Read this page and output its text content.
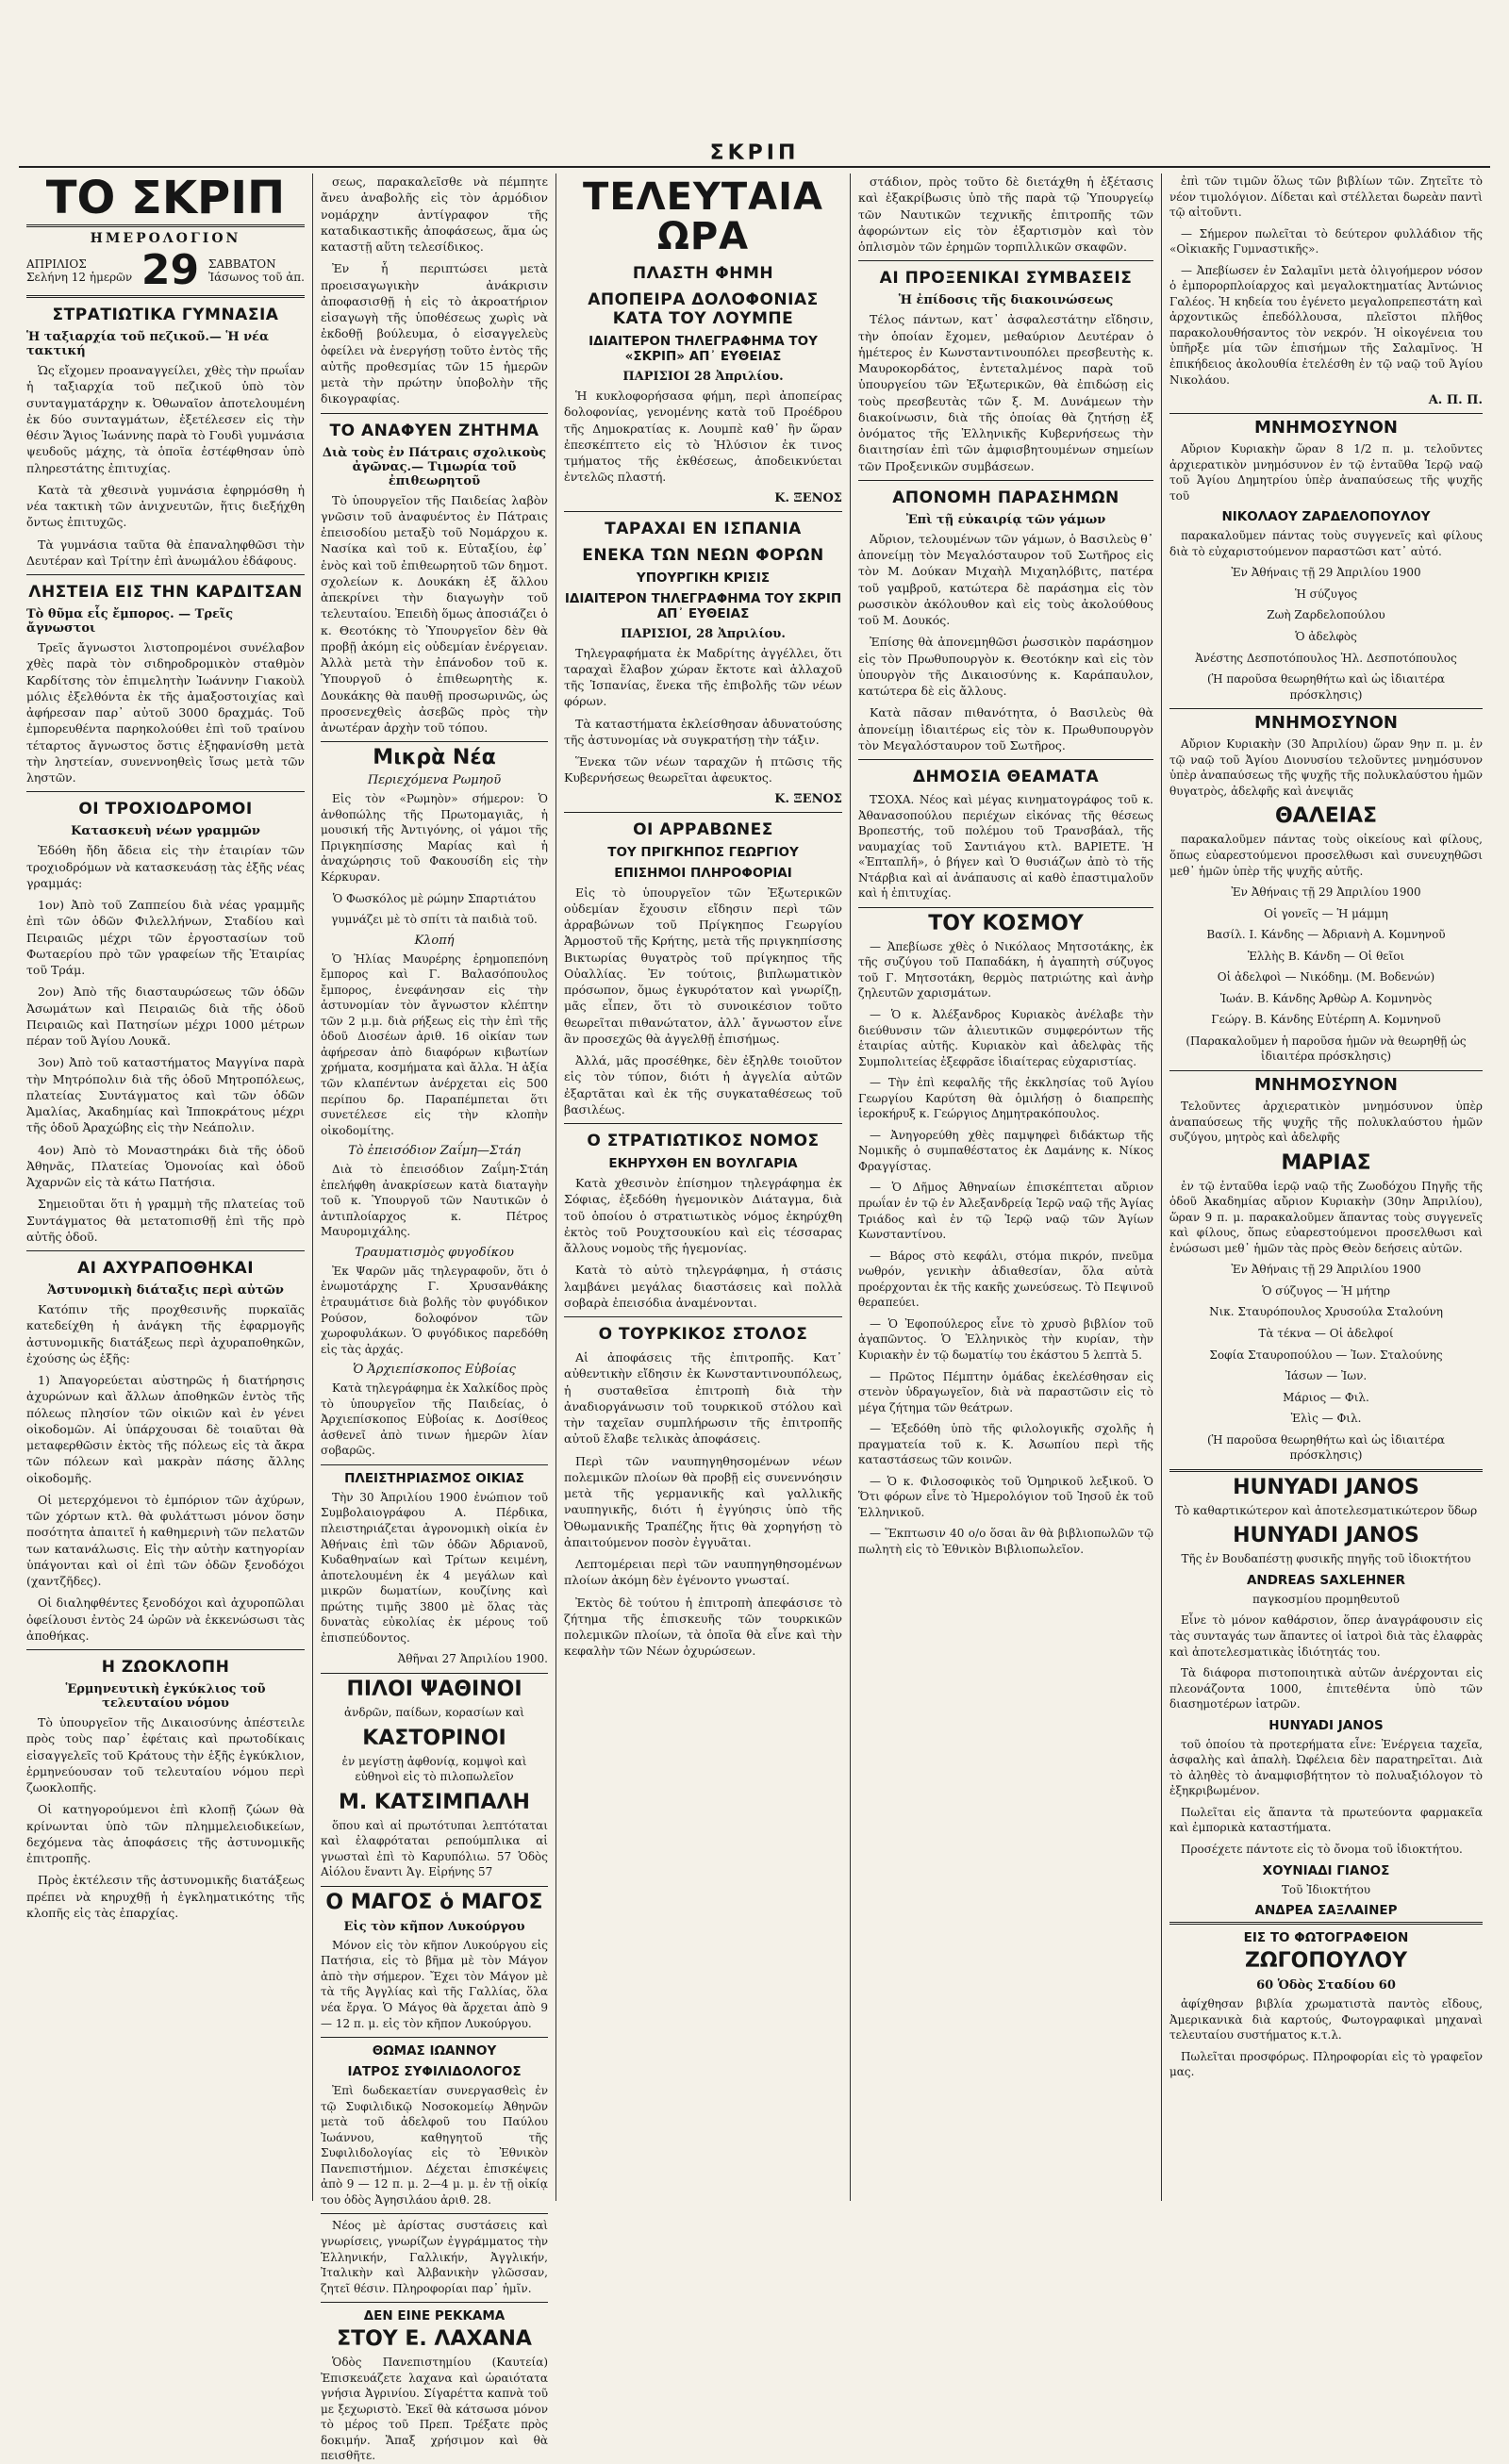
ΣΚΡΙΠ
ΤΟ ΣΚΡΙΠ
ΗΜΕΡΟΛΟΓΙΟΝ
ΑΠΡΙΛΙΟΣ
Σελήνη 12 ἡμερῶν 29 ΣΑΒΒΑΤΟΝ
Ἰάσωνος τοῦ ἀπ.
ΣΤΡΑΤΙΩΤΙΚΑ ΓΥΜΝΑΣΙΑ
Ἡ ταξιαρχία τοῦ πεζικοῦ.— Ἡ νέα τακτική

Ὡς εἴχομεν προαναγγείλει, χθὲς τὴν πρωΐαν ἡ ταξιαρχία τοῦ πεζικοῦ ὑπὸ τὸν συνταγματάρχην κ. Ὀθωναῖον ἀποτελουμένη ἐκ δύο συνταγμάτων, ἐξετέλεσεν εἰς τὴν θέσιν Ἅγιος Ἰωάννης παρὰ τὸ Γουδὶ γυμνάσια ψευδοῦς μάχης, τὰ ὁποῖα ἐστέφθησαν ὑπὸ πληρεστάτης ἐπιτυχίας.

Κατὰ τὰ χθεσινὰ γυμνάσια ἐφηρμόσθη ἡ νέα τακτικὴ τῶν ἀνιχνευτῶν, ἥτις διεξήχθη ὄντως ἐπιτυχῶς.

Τὰ γυμνάσια ταῦτα θὰ ἐπαναληφθῶσι τὴν Δευτέραν καὶ Τρίτην ἐπὶ ἀνωμάλου ἐδάφους.

ΛΗΣΤΕΙΑ ΕΙΣ ΤΗΝ ΚΑΡΔΙΤΣΑΝ
Τὸ θῦμα εἷς ἔμπορος. — Τρεῖς ἄγνωστοι

Τρεῖς ἄγνωστοι λιστοπρομένοι συνέλαβον χθὲς παρὰ τὸν σιδηροδρομικὸν σταθμὸν Καρδίτσης τὸν ἐπιμελητὴν Ἰωάννην Γιακοὺλ μόλις ἐξελθόντα ἐκ τῆς ἀμαξοστοιχίας καὶ ἀφήρεσαν παρ᾽ αὐτοῦ 3000 δραχμάς. Τοῦ ἐμπορευθέντα παρηκολούθει ἐπὶ τοῦ τραίνου τέταρτος ἄγνωστος ὅστις ἐξηφανίσθη μετὰ τὴν ληστείαν, συνεννοηθεὶς ἴσως μετὰ τῶν ληστῶν.

ΟΙ ΤΡΟΧΙΟΔΡΟΜΟΙ
Κατασκευὴ νέων γραμμῶν

Ἐδόθη ἤδη ἄδεια εἰς τὴν ἑταιρίαν τῶν τροχιοδρόμων νὰ κατασκευάσῃ τὰς ἑξῆς νέας γραμμάς:

1ον) Ἀπὸ τοῦ Ζαππείου διὰ νέας γραμμῆς ἐπὶ τῶν ὁδῶν Φιλελλήνων, Σταδίου καὶ Πειραιῶς μέχρι τῶν ἐργοστασίων τοῦ Φωταερίου πρὸ τῶν γραφείων τῆς Ἑταιρίας τοῦ Τράμ.

2ον) Ἀπὸ τῆς διασταυρώσεως τῶν ὁδῶν Ἀσωμάτων καὶ Πειραιῶς διὰ τῆς ὁδοῦ Πειραιῶς καὶ Πατησίων μέχρι 1000 μέτρων πέραν τοῦ Ἀγίου Λουκᾶ.

3ον) Ἀπὸ τοῦ καταστήματος Μαγγίνα παρὰ τὴν Μητρόπολιν διὰ τῆς ὁδοῦ Μητροπόλεως, πλατείας Συντάγματος καὶ τῶν ὁδῶν Ἀμαλίας, Ἀκαδημίας καὶ Ἱπποκράτους μέχρι τῆς ὁδοῦ Ἀραχώβης εἰς τὴν Νεάπολιν.

4ον) Ἀπὸ τὸ Μοναστηράκι διὰ τῆς ὁδοῦ Ἀθηνᾶς, Πλατείας Ὁμονοίας καὶ ὁδοῦ Ἀχαρνῶν εἰς τὰ κάτω Πατήσια.

Σημειοῦται ὅτι ἡ γραμμὴ τῆς πλατείας τοῦ Συντάγματος θὰ μετατοπισθῇ ἐπὶ τῆς πρὸ αὐτῆς ὁδοῦ.

ΑΙ ΑΧΥΡΑΠΟΘΗΚΑΙ
Ἀστυνομικὴ διάταξις περὶ αὐτῶν

Κατόπιν τῆς προχθεσινῆς πυρκαϊᾶς κατεδείχθη ἡ ἀνάγκη τῆς ἐφαρμογῆς ἀστυνομικῆς διατάξεως περὶ ἀχυραποθηκῶν, ἐχούσης ὡς ἑξῆς:

1) Ἀπαγορεύεται αὐστηρῶς ἡ διατήρησις ἀχυρώνων καὶ ἄλλων ἀποθηκῶν ἐντὸς τῆς πόλεως πλησίον τῶν οἰκιῶν καὶ ἐν γένει οἰκοδομῶν. Αἱ ὑπάρχουσαι δὲ τοιαῦται θὰ μεταφερθῶσιν ἐκτὸς τῆς πόλεως εἰς τὰ ἄκρα τῶν πόλεων καὶ μακρὰν πάσης ἄλλης οἰκοδομῆς.

Οἱ μετερχόμενοι τὸ ἐμπόριον τῶν ἀχύρων, τῶν χόρτων κτλ. θὰ φυλάττωσι μόνον ὅσην ποσότητα ἀπαιτεῖ ἡ καθημερινὴ τῶν πελατῶν των κατανάλωσις. Εἰς τὴν αὐτὴν κατηγορίαν ὑπάγονται καὶ οἱ ἐπὶ τῶν ὁδῶν ξενοδόχοι (χαντζῆδες).

Οἱ διαληφθέντες ξενοδόχοι καὶ ἀχυροπῶλαι ὀφείλουσι ἐντὸς 24 ὡρῶν νὰ ἐκκενώσωσι τὰς ἀποθήκας.

Η ΖΩΟΚΛΟΠΗ
Ἑρμηνευτικὴ ἐγκύκλιος τοῦ τελευταίου νόμου

Τὸ ὑπουργεῖον τῆς Δικαιοσύνης ἀπέστειλε πρὸς τοὺς παρ᾽ ἐφέταις καὶ πρωτοδίκαις εἰσαγγελεῖς τοῦ Κράτους τὴν ἑξῆς ἐγκύκλιον, ἑρμηνεύουσαν τοῦ τελευταίου νόμου περὶ ζωοκλοπῆς.

Οἱ κατηγορούμενοι ἐπὶ κλοπῇ ζώων θὰ κρίνωνται ὑπὸ τῶν πλημμελειοδικείων, δεχόμενα τὰς ἀποφάσεις τῆς ἀστυνομικῆς ἐπιτροπῆς.

Πρὸς ἐκτέλεσιν τῆς ἀστυνομικῆς διατάξεως πρέπει νὰ κηρυχθῇ ἡ ἐγκληματικότης τῆς κλοπῆς εἰς τὰς ἐπαρχίας.

σεως, παρακαλεῖσθε νὰ πέμπητε ἄνευ ἀναβολῆς εἰς τὸν ἁρμόδιον νομάρχην ἀντίγραφον τῆς καταδικαστικῆς ἀποφάσεως, ἅμα ὡς καταστῇ αὕτη τελεσίδικος.

Ἐν ἧ περιπτώσει μετὰ προεισαγωγικὴν ἀνάκρισιν ἀποφασισθῇ ἡ εἰς τὸ ἀκροατήριον εἰσαγωγὴ τῆς ὑποθέσεως χωρὶς νὰ ἐκδοθῇ βούλευμα, ὁ εἰσαγγελεὺς ὀφείλει νὰ ἐνεργήσῃ τοῦτο ἐντὸς τῆς αὐτῆς προθεσμίας τῶν 15 ἡμερῶν μετὰ τὴν πρώτην ὑποβολὴν τῆς δικογραφίας.

ΤΟ ΑΝΑΦΥΕΝ ΖΗΤΗΜΑ
Διὰ τοὺς ἐν Πάτραις σχολικοὺς ἀγῶνας.— Τιμωρία τοῦ ἐπιθεωρητοῦ

Τὸ ὑπουργεῖον τῆς Παιδείας λαβὸν γνῶσιν τοῦ ἀναφυέντος ἐν Πάτραις ἐπεισοδίου μεταξὺ τοῦ Νομάρχου κ. Νασίκα καὶ τοῦ κ. Εὐταξίου, ἐφ᾽ ἑνὸς καὶ τοῦ ἐπιθεωρητοῦ τῶν δημοτ. σχολείων κ. Δουκάκη ἐξ ἄλλου ἀπεκρίνει τὴν διαγωγὴν τοῦ τελευταίου. Ἐπειδὴ ὅμως ἀποσιάζει ὁ κ. Θεοτόκης τὸ Ὑπουργεῖον δὲν θὰ προβῇ ἀκόμη εἰς οὐδεμίαν ἐνέργειαν. Ἀλλὰ μετὰ τὴν ἐπάνοδον τοῦ κ. Ὑπουργοῦ ὁ ἐπιθεωρητὴς κ. Δουκάκης θὰ παυθῇ προσωρινῶς, ὡς προσενεχθεὶς ἀσεβῶς πρὸς τὴν ἀνωτέραν ἀρχὴν τοῦ τόπου.

Μικρὰ Νέα
Περιεχόμενα Ρωμηοῦ

Εἰς τὸν «Ρωμηὸν» σήμερον: Ὁ ἀνθοπώλης τῆς Πρωτομαγιᾶς, ἡ μουσική τῆς Ἀντιγόνης, οἱ γάμοι τῆς Πριγκηπίσσης Μαρίας καὶ ἡ ἀναχώρησις τοῦ Φακουσίδη εἰς τὴν Κέρκυραν.

Ὁ Φωσκόλος μὲ ρώμην Σπαρτιάτου

γυμνάζει μὲ τὸ σπίτι τὰ παιδιὰ τοῦ.

Κλοπή

Ὁ Ἠλίας Μαυρέρης ἐρημοπεπόνη ἔμπορος καὶ Γ. Βαλασόπουλος ἔμπορος, ἐνεφάνησαν εἰς τὴν ἀστυνομίαν τὸν ἄγνωστον κλέπτην τῶν 2 μ.μ. διὰ ρήξεως εἰς τὴν ἐπὶ τῆς ὁδοῦ Διοσέων ἀριθ. 16 οἰκίαν των ἀφήρεσαν ἀπὸ διαφόρων κιβωτίων χρήματα, κοσμήματα καὶ ἄλλα. Ἡ ἀξία τῶν κλαπέντων ἀνέρχεται εἰς 500 περίπου δρ. Παραπέμπεται ὅτι συνετέλεσε εἰς τὴν κλοπὴν οἰκοδομίτης.

Τὸ ἐπεισόδιον Ζαΐμη—Στάη

Διὰ τὸ ἐπεισόδιον Ζαΐμη-Στάη ἐπελήφθη ἀνακρίσεων κατὰ διαταγὴν τοῦ κ. Ὑπουργοῦ τῶν Ναυτικῶν ὁ ἀντιπλοίαρχος κ. Πέτρος Μαυρομιχάλης.

Τραυματισμὸς φυγοδίκου

Ἐκ Ψαρῶν μᾶς τηλεγραφοῦν, ὅτι ὁ ἐνωμοτάρχης Γ. Χρυσανθάκης ἐτραυμάτισε διὰ βολῆς τὸν φυγόδικον Ρούσον, δολοφόνον τῶν χωροφυλάκων. Ὁ φυγόδικος παρεδόθη εἰς τὰς ἀρχάς.

Ὁ Ἀρχιεπίσκοπος Εὐβοίας

Κατὰ τηλεγράφημα ἐκ Χαλκίδος πρὸς τὸ ὑπουργεῖον τῆς Παιδείας, ὁ Ἀρχιεπίσκοπος Εὐβοίας κ. Δοσίθεος ἀσθενεῖ ἀπὸ τινων ἡμερῶν λίαν σοβαρῶς.

ΠΛΕΙΣΤΗΡΙΑΣΜΟΣ ΟΙΚΙΑΣ

Τὴν 30 Ἀπριλίου 1900 ἐνώπιον τοῦ Συμβολαιογράφου Α. Πέρδικα, πλειστηριάζεται ἀγρονομικὴ οἰκία ἐν Ἀθήναις ἐπὶ τῶν ὁδῶν Ἀδριανοῦ, Κυδαθηναίων καὶ Τρίτων κειμένη, ἀποτελουμένη ἐκ 4 μεγάλων καὶ μικρῶν δωματίων, κουζίνης καὶ πρώτης τιμῆς 3800 μὲ ὅλας τὰς δυνατὰς εὐκολίας ἐκ μέρους τοῦ ἐπισπεύδοντος.

Ἀθῆναι 27 Ἀπριλίου 1900.

ΠΙΛΟΙ ΨΑΘΙΝΟΙ

ἀνδρῶν, παίδων, κορασίων καὶ

ΚΑΣΤΟΡΙΝΟΙ

ἐν μεγίστῃ ἀφθονίᾳ, κομψοὶ καὶ εὐθηνοὶ εἰς τὸ πιλοπωλεῖον

Μ. ΚΑΤΣΙΜΠΑΛΗ

ὅπου καὶ αἱ πρωτότυπαι λεπτόταται καὶ ἐλαφρόταται ρεπούμπλικα αἱ γνωσταὶ ἐπὶ τὸ Καρυπόλιω. 57 Ὁδὸς Αἰόλου ἔναντι Ἁγ. Εἰρήνης 57

Ο ΜΑΓΟΣ ὁ ΜΑΓΟΣ
Εἰς τὸν κῆπον Λυκούργου

Μόνον εἰς τὸν κῆπον Λυκούργου εἰς Πατήσια, εἰς τὸ βῆμα μὲ τὸν Μάγον ἀπὸ τὴν σήμερον. Ἔχει τὸν Μάγον μὲ τὰ τῆς Ἀγγλίας καὶ τῆς Γαλλίας, ὅλα νέα ἔργα. Ὁ Μάγος θὰ ἄρχεται ἀπὸ 9 — 12 π. μ. εἰς τὸν κῆπον Λυκούργου.

ΘΩΜΑΣ ΙΩΑΝΝΟΥ
ΙΑΤΡΟΣ ΣΥΦΙΛΙΔΟΛΟΓΟΣ

Ἐπὶ δωδεκαετίαν συνεργασθεὶς ἐν τῷ Συφιλιδικῷ Νοσοκομείῳ Ἀθηνῶν μετὰ τοῦ ἀδελφοῦ του Παύλου Ἰωάννου, καθηγητοῦ τῆς Συφιλιδολογίας εἰς τὸ Ἐθνικὸν Πανεπιστήμιον. Δέχεται ἐπισκέψεις ἀπὸ 9 — 12 π. μ. 2—4 μ. μ. ἐν τῇ οἰκίᾳ του ὁδὸς Ἀγησιλάου ἀριθ. 28.

Νέος μὲ ἀρίστας συστάσεις καὶ γνωρίσεις, γνωρίζων ἐγγράμματος τὴν Ἑλληνικήν, Γαλλικήν, Ἀγγλικήν, Ἰταλικὴν καὶ Ἀλβανικὴν γλῶσσαν, ζητεῖ θέσιν. Πληροφορίαι παρ᾽ ἡμῖν.

ΔΕΝ ΕΙΝΕ ΡΕΚΚΑΜΑ
ΣΤΟΥ Ε. ΛΑΧΑΝΑ

Ὁδὸς Πανεπιστημίου (Καυτεία) Ἐπισκευάζετε λαχανα καὶ ὡραιότατα γνήσια Ἀγρινίου. Σίγαρέττα καπνὰ τοῦ με ξεχωριστὸ. Ἐκεῖ θὰ κάτσωσα μόνον τὸ μέρος τοῦ Πρεπ. Τρέξατε πρὸς δοκιμήν. Ἅπαξ χρήσιμον καὶ θὰ πεισθῆτε.

ΤΕΛΕΥΤΑΙΑ ΩΡΑ
ΠΛΑΣΤΗ ΦΗΜΗ
ΑΠΟΠΕΙΡΑ ΔΟΛΟΦΟΝΙΑΣ ΚΑΤΑ ΤΟΥ ΛΟΥΜΠΕ
ΙΔΙΑΙΤΕΡΟΝ ΤΗΛΕΓΡΑΦΗΜΑ ΤΟΥ «ΣΚΡΙΠ» ΑΠ᾽ ΕΥΘΕΙΑΣ
ΠΑΡΙΣΙΟΙ 28 Ἀπριλίου.

Ἡ κυκλοφορήσασα φήμη, περὶ ἀποπείρας δολοφονίας, γενομένης κατὰ τοῦ Προέδρου τῆς Δημοκρατίας κ. Λουμπὲ καθ᾽ ἣν ὥραν ἐπεσκέπτετο εἰς τὸ Ἡλύσιον ἐκ τινος τμήματος τῆς ἐκθέσεως, ἀποδεικνύεται ἐντελῶς πλαστή.

Κ. ΞΕΝΟΣ
ΤΑΡΑΧΑΙ ΕΝ ΙΣΠΑΝΙΑ
ΕΝΕΚΑ ΤΩΝ ΝΕΩΝ ΦΟΡΩΝ
ΥΠΟΥΡΓΙΚΗ ΚΡΙΣΙΣ
ΙΔΙΑΙΤΕΡΟΝ ΤΗΛΕΓΡΑΦΗΜΑ ΤΟΥ ΣΚΡΙΠ ΑΠ᾽ ΕΥΘΕΙΑΣ
ΠΑΡΙΣΙΟΙ, 28 Ἀπριλίου.

Τηλεγραφήματα ἐκ Μαδρίτης ἀγγέλλει, ὅτι ταραχαὶ ἔλαβον χώραν ἔκτοτε καὶ ἀλλαχοῦ τῆς Ἱσπανίας, ἕνεκα τῆς ἐπιβολῆς τῶν νέων φόρων.

Τὰ καταστήματα ἐκλείσθησαν ἀδυνατούσης τῆς ἀστυνομίας νὰ συγκρατήσῃ τὴν τάξιν.

Ἕνεκα τῶν νέων ταραχῶν ἡ πτῶσις τῆς Κυβερνήσεως θεωρεῖται ἀφευκτος.

Κ. ΞΕΝΟΣ
ΟΙ ΑΡΡΑΒΩΝΕΣ
ΤΟΥ ΠΡΙΓΚΗΠΟΣ ΓΕΩΡΓΙΟΥ
ΕΠΙΣΗΜΟΙ ΠΛΗΡΟΦΟΡΙΑΙ

Εἰς τὸ ὑπουργεῖον τῶν Ἐξωτερικῶν οὐδεμίαν ἔχουσιν εἴδησιν περὶ τῶν ἀρραβώνων τοῦ Πρίγκηπος Γεωργίου Ἁρμοστοῦ τῆς Κρήτης, μετὰ τῆς πριγκηπίσσης Βικτωρίας θυγατρὸς τοῦ πρίγκηπος τῆς Οὐαλλίας. Ἐν τούτοις, βιπλωματικὸν πρόσωπον, ὅμως ἐγκυρότατον καὶ γνωρίζῃ, μᾶς εἶπεν, ὅτι τὸ συνοικέσιον τοῦτο θεωρεῖται πιθανώτατον, ἀλλ᾽ ἄγνωστον εἶνε ἂν προσεχῶς θὰ ἀγγελθῇ ἐπισήμως.

Ἀλλά, μᾶς προσέθηκε, δὲν ἐξηλθε τοιοῦτον εἰς τὸν τύπον, διότι ἡ ἀγγελία αὐτῶν ἐξαρτᾶται καὶ ἐκ τῆς συγκαταθέσεως τοῦ βασιλέως.

Ο ΣΤΡΑΤΙΩΤΙΚΟΣ ΝΟΜΟΣ
ΕΚΗΡΥΧΘΗ ΕΝ ΒΟΥΛΓΑΡΙΑ

Κατὰ χθεσινὸν ἐπίσημον τηλεγράφημα ἐκ Σόφιας, ἐξεδόθη ἡγεμονικὸν Διάταγμα, διὰ τοῦ ὁποίου ὁ στρατιωτικὸς νόμος ἐκηρύχθη ἐκτὸς τοῦ Ρουχτσουκίου καὶ εἰς τέσσαρας ἄλλους νομοὺς τῆς ἡγεμονίας.

Κατὰ τὸ αὐτὸ τηλεγράφημα, ἡ στάσις λαμβάνει μεγάλας διαστάσεις καὶ πολλὰ σοβαρὰ ἐπεισόδια ἀναμένονται.

Ο ΤΟΥΡΚΙΚΟΣ ΣΤΟΛΟΣ

Αἱ ἀποφάσεις τῆς ἐπιτροπῆς. Κατ᾽ αὐθεντικὴν εἴδησιν ἐκ Κωνσταντινουπόλεως, ἡ συσταθεῖσα ἐπιτροπὴ διὰ τὴν ἀναδιοργάνωσιν τοῦ τουρκικοῦ στόλου καὶ τὴν ταχεῖαν συμπλήρωσιν τῆς ἐπιτροπῆς αὐτοῦ ἔλαβε τελικὰς ἀποφάσεις.

Περὶ τῶν ναυπηγηθησομένων νέων πολεμικῶν πλοίων θὰ προβῇ εἰς συνεννόησιν μετὰ τῆς γερμανικῆς καὶ γαλλικῆς ναυπηγικῆς, διότι ἡ ἐγγύησις ὑπὸ τῆς Ὀθωμανικῆς Τραπέζης ἥτις θὰ χορηγήσῃ τὸ ἀπαιτούμενον ποσὸν ἐγγυᾶται.

Λεπτομέρειαι περὶ τῶν ναυπηγηθησομένων πλοίων ἀκόμη δὲν ἐγένοντο γνωσταί.

Ἐκτὸς δὲ τούτου ἡ ἐπιτροπὴ ἀπεφάσισε τὸ ζήτημα τῆς ἐπισκευῆς τῶν τουρκικῶν πολεμικῶν πλοίων, τὰ ὁποῖα θὰ εἶνε καὶ τὴν κεφαλὴν τῶν Νέων ὀχυρώσεων.

στάδιον, πρὸς τοῦτο δὲ διετάχθη ἡ ἐξέτασις καὶ ἐξακρίβωσις ὑπὸ τῆς παρὰ τῷ Ὑπουργείῳ τῶν Ναυτικῶν τεχνικῆς ἐπιτροπῆς τῶν ἀφορώντων εἰς τὸν ἐξαρτισμὸν καὶ τὸν ὁπλισμὸν τῶν ἐρημῶν τορπιλλικῶν σκαφῶν.

ΑΙ ΠΡΟΞΕΝΙΚΑΙ ΣΥΜΒΑΣΕΙΣ
Ἡ ἐπίδοσις τῆς διακοινώσεως

Τέλος πάντων, κατ᾽ ἀσφαλεστάτην εἴδησιν, τὴν ὁποίαν ἔχομεν, μεθαύριον Δευτέραν ὁ ἡμέτερος ἐν Κωνσταντινουπόλει πρεσβευτὴς κ. Μαυροκορδάτος, ἐντεταλμένος παρὰ τοῦ ὑπουργείου τῶν Ἐξωτερικῶν, θὰ ἐπιδώσῃ εἰς τοὺς πρεσβευτὰς τῶν ξ. Μ. Δυνάμεων τὴν διακοίνωσιν, διὰ τῆς ὁποίας θὰ ζητήσῃ ἐξ ὀνόματος τῆς Ἑλληνικῆς Κυβερνήσεως τὴν διαιτησίαν ἐπὶ τῶν ἀμφισβητουμένων σημείων τῶν Προξενικῶν συμβάσεων.

ΑΠΟΝΟΜΗ ΠΑΡΑΣΗΜΩΝ
Ἐπὶ τῇ εὐκαιρίᾳ τῶν γάμων

Αὔριον, τελουμένων τῶν γάμων, ὁ Βασιλεὺς θ᾽ ἀπονείμῃ τὸν Μεγαλόσταυρον τοῦ Σωτῆρος εἰς τὸν Μ. Δούκαν Μιχαὴλ Μιχαηλόβιτς, πατέρα τοῦ γαμβροῦ, κατώτερα δὲ παράσημα εἰς τὸν ρωσσικὸν ἀκόλουθον καὶ εἰς τοὺς ἀκολούθους τοῦ Μ. Δουκός.

Ἐπίσης θὰ ἀπονεμηθῶσι ῥωσσικὸν παράσημον εἰς τὸν Πρωθυπουργὸν κ. Θεοτόκην καὶ εἰς τὸν ὑπουργὸν τῆς Δικαιοσύνης κ. Καράπαυλον, κατώτερα δὲ εἰς ἄλλους.

Κατὰ πᾶσαν πιθανότητα, ὁ Βασιλεὺς θὰ ἀπονείμῃ ἰδιαιτέρως εἰς τὸν κ. Πρωθυπουργὸν τὸν Μεγαλόσταυρον τοῦ Σωτῆρος.

ΔΗΜΟΣΙΑ ΘΕΑΜΑΤΑ

ΤΣΟΧΑ. Νέος καὶ μέγας κινηματογράφος τοῦ κ. Ἀθανασοπούλου περιέχων εἰκόνας τῆς θέσεως Βροπεστής, τοῦ πολέμου τοῦ Τρανσβάαλ, τῆς ναυμαχίας τοῦ Σαντιάγου κτλ. ΒΑΡΙΕΤΕ. Ἡ «Ἑπταπλῆ», ὁ βήγεν καὶ Ὁ θυσιάζων ἀπὸ τὸ τῆς Ντάρβια καὶ αἱ ἀνάπαυσις αἱ καθὸ ἐπαστιμαλοῦν καὶ ἡ ἐπιτυχίας.

ΤΟΥ ΚΟΣΜΟΥ

— Ἀπεβίωσε χθὲς ὁ Νικόλαος Μητσοτάκης, ἐκ τῆς συζύγου τοῦ Παπαδάκη, ἡ ἀγαπητὴ σύζυγος τοῦ Γ. Μητσοτάκη, θερμὸς πατριώτης καὶ ἀνὴρ ζηλευτῶν χαρισμάτων.

— Ὁ κ. Ἀλέξανδρος Κυριακὸς ἀνέλαβε τὴν διεύθυνσιν τῶν ἀλιευτικῶν συμφερόντων τῆς ἑταιρίας αὐτῆς. Κυριακὸν καὶ ἀδελφὰς τῆς Συμπολιτείας ἐξεφρᾶσε ἰδιαίτερας εὐχαριστίας.

— Τὴν ἐπὶ κεφαλῆς τῆς ἐκκλησίας τοῦ Ἁγίου Γεωργίου Καρύτση θὰ ὁμιλήσῃ ὁ διαπρεπὴς ἱεροκήρυξ κ. Γεώργιος Δημητρακόπουλος.

— Ἀνηγορεύθη χθὲς παμψηφεὶ διδάκτωρ τῆς Νομικῆς ὁ συμπαθέστατος ἐκ Δαμάνης κ. Νίκος Φραγγίστας.

— Ὁ Δῆμος Ἀθηναίων ἐπισκέπτεται αὔριον πρωΐαν ἐν τῷ ἐν Ἀλεξανδρείᾳ Ἱερῷ ναῷ τῆς Ἁγίας Τριάδος καὶ ἐν τῷ Ἱερῷ ναῷ τῶν Ἁγίων Κωνσταντίνου.

— Βάρος στὸ κεφάλι, στόμα πικρόν, πνεῦμα νωθρόν, γενικὴν ἀδιαθεσίαν, ὅλα αὐτὰ προέρχονται ἐκ τῆς κακῆς χωνεύσεως. Τὸ Πεψινοῦ θεραπεύει.

— Ὁ Ἐφοπούλερος εἶνε τὸ χρυσὸ βιβλίον τοῦ ἀγαπῶντος. Ὁ Ἑλληνικὸς τὴν κυρίαν, τὴν Κυριακὴν ἐν τῷ δωματίῳ του ἐκάστου 5 λεπτὰ 5.

— Πρῶτος Πέμπτην ὁμάδας ἐκελέσθησαν εἰς στενὸν ὑδραγωγεῖον, διὰ νὰ παραστῶσιν εἰς τὸ μέγα ζήτημα τῶν θεάτρων.

— Ἐξεδόθη ὑπὸ τῆς φιλολογικῆς σχολῆς ἡ πραγματεία τοῦ κ. Κ. Ἀσωπίου περὶ τῆς καταστάσεως τῶν κοινῶν.

— Ὁ κ. Φιλοσοφικὸς τοῦ Ὁμηρικοῦ λεξικοῦ. Ὁ Ὅτι φόρων εἶνε τὸ Ἡμερολόγιον τοῦ Ἰησοῦ ἐκ τοῦ Ἑλληνικοῦ.

— Ἕκπτωσιν 40 ο/ο ὅσαι ἂν θὰ βιβλιοπωλῶν τῷ πωλητὴ εἰς τὸ Ἐθνικὸν Βιβλιοπωλεῖον.

ἐπὶ τῶν τιμῶν ὅλως τῶν βιβλίων τῶν. Ζητεῖτε τὸ νέον τιμολόγιον. Δίδεται καὶ στέλλεται δωρεὰν παντὶ τῷ αἰτοῦντι.

— Σήμερον πωλεῖται τὸ δεύτερον φυλλάδιον τῆς «Οἰκιακῆς Γυμναστικῆς».

— Ἀπεβίωσεν ἐν Σαλαμῖνι μετὰ ὀλιγοήμερον νόσον ὁ ἐμπορορπλοίαρχος καὶ μεγαλοκτηματίας Ἀντώνιος Γαλέος. Ἡ κηδεία του ἐγένετο μεγαλοπρεπεστάτη καὶ ἀρχοντικῶς ἐπεδόλλουσα, πλεῖστοι πλῆθος παρακολουθήσαντος τὸν νεκρόν. Ἡ οἰκογένεια του ὑπῆρξε μία τῶν ἐπισήμων τῆς Σαλαμῖνος. Ἡ ἐπικήδειος ἀκολουθία ἐτελέσθη ἐν τῷ ναῷ τοῦ Ἁγίου Νικολάου.

Α. Π. Π.
ΜΝΗΜΟΣΥΝΟΝ

Αὔριον Κυριακὴν ὥραν 8 1/2 π. μ. τελοῦντες ἀρχιερατικὸν μνημόσυνον ἐν τῷ ἐνταῦθα Ἱερῷ ναῷ τοῦ Ἁγίου Δημητρίου ὑπὲρ ἀναπαύσεως τῆς ψυχῆς τοῦ

ΝΙΚΟΛΑΟΥ ΖΑΡΔΕΛΟΠΟΥΛΟΥ

παρακαλοῦμεν πάντας τοὺς συγγενεῖς καὶ φίλους διὰ τὸ εὐχαριστούμενον παραστῶσι κατ᾽ αὐτό.

Ἐν Ἀθήναις τῇ 29 Ἀπριλίου 1900

Ἡ σύζυγος

Ζωὴ Ζαρδελοπούλου

Ὁ ἀδελφὸς

Ἀνέστης Δεσποτόπουλος Ἠλ. Δεσποτόπουλος

(Ἡ παροῦσα θεωρηθήτω καὶ ὡς ἰδιαιτέρα πρόσκλησις)

ΜΝΗΜΟΣΥΝΟΝ

Αὔριον Κυριακὴν (30 Ἀπριλίου) ὥραν 9ην π. μ. ἐν τῷ ναῷ τοῦ Ἁγίου Διονυσίου τελοῦντες μνημόσυνον ὑπὲρ ἀναπαύσεως τῆς ψυχῆς τῆς πολυκλαύστου ἡμῶν θυγατρὸς, ἀδελφῆς καὶ ἀνεψιᾶς

ΘΑΛΕΙΑΣ

παρακαλοῦμεν πάντας τοὺς οἰκείους καὶ φίλους, ὅπως εὐαρεστούμενοι προσελθωσι καὶ συνευχηθῶσι μεθ᾽ ἡμῶν ὑπὲρ τῆς ψυχῆς αὐτῆς.

Ἐν Ἀθήναις τῇ 29 Ἀπριλίου 1900

Οἱ γονεῖς — Ἡ μάμμη

Βασίλ. Ι. Κάνδης — Ἀδριανὴ Α. Κομνηνοῦ

Ἑλλὴς Β. Κάνδη — Οἱ θεῖοι

Οἱ ἀδελφοὶ — Νικόδημ. (Μ. Βοδενών)

Ἰωάν. Β. Κάνδης Ἀρθὼρ Α. Κομνηνὸς

Γεώργ. Β. Κάνδης Εὐτέρπη Α. Κομνηνοῦ

(Παρακαλοῦμεν ἡ παροῦσα ἡμῶν νὰ θεωρηθῇ ὡς ἰδιαιτέρα πρόσκλησις)

ΜΝΗΜΟΣΥΝΟΝ

Τελοῦντες ἀρχιερατικὸν μνημόσυνον ὑπὲρ ἀναπαύσεως τῆς ψυχῆς τῆς πολυκλαύστου ἡμῶν συζύγου, μητρὸς καὶ ἀδελφῆς

ΜΑΡΙΑΣ

ἐν τῷ ἐνταῦθα ἱερῷ ναῷ τῆς Ζωοδόχου Πηγῆς τῆς ὁδοῦ Ἀκαδημίας αὔριον Κυριακὴν (30ην Ἀπριλίου), ὥραν 9 π. μ. παρακαλοῦμεν ἅπαντας τοὺς συγγενεῖς καὶ φίλους, ὅπως εὐαρεστούμενοι προσελθωσι καὶ ἐνώσωσι μεθ᾽ ἡμῶν τὰς πρὸς Θεὸν δεήσεις αὐτῶν.

Ἐν Ἀθήναις τῇ 29 Ἀπριλίου 1900

Ὁ σύζυγος — Ἡ μήτηρ

Νικ. Σταυρόπουλος Χρυσούλα Σταλούνη

Τὰ τέκνα — Οἱ ἀδελφοί

Σοφία Σταυροπούλου — Ἰων. Σταλούνης

Ἰάσων — Ἰων.

Μάριος — Φιλ.

Ἐλὶς — Φιλ.

(Ἡ παροῦσα θεωρηθήτω καὶ ὡς ἰδιαιτέρα πρόσκλησις)

HUNYADI JANOS

Τὸ καθαρτικώτερον καὶ ἀποτελεσματικώτερον ὕδωρ

HUNYADI JANOS

Τῆς ἐν Βουδαπέστῃ φυσικῆς πηγῆς τοῦ ἰδιοκτήτου

ANDREAS SAXLEHNER

παγκοσμίου προμηθευτοῦ

Εἶνε τὸ μόνον καθάρσιον, ὅπερ ἀναγράφουσιν εἰς τὰς συνταγάς των ἅπαντες οἱ ἰατροὶ διὰ τὰς ἐλαφρὰς καὶ ἀποτελεσματικὰς ἰδιότητάς του.

Τὰ διάφορα πιστοποιητικὰ αὐτῶν ἀνέρχονται εἰς πλεονάζοντα 1000, ἐπιτεθέντα ὑπὸ τῶν διασημοτέρων ἰατρῶν.

HUNYADI JANOS

τοῦ ὁποίου τὰ προτερήματα εἶνε: Ἐνέργεια ταχεῖα, ἀσφαλὴς καὶ ἀπαλὴ. Ὠφέλεια δὲν παρατηρεῖται. Διὰ τὸ ἀληθὲς τὸ ἀναμφισβήτητον τὸ πολυαξιόλογον τὸ ἐξηκριβωμένον.

Πωλεῖται εἰς ἅπαντα τὰ πρωτεύοντα φαρμακεῖα καὶ ἐμπορικὰ καταστήματα.

Προσέχετε πάντοτε εἰς τὸ ὄνομα τοῦ ἰδιοκτήτου.

ΧΟΥΝΙΑΔΙ ΓΙΑΝΟΣ

Τοῦ Ἰδιοκτήτου

ΑΝΔΡΕΑ ΣΑΞΛΑΙΝΕΡ
ΕΙΣ ΤΟ ΦΩΤΟΓΡΑΦΕΙΟΝ
ΖΩΓΟΠΟΥΛΟΥ
60 Ὁδὸς Σταδίου 60

ἀφίχθησαν βιβλία χρωματιστὰ παντὸς εἴδους, Ἀμερικανικὰ διὰ καρτούς, Φωτογραφικαὶ μηχαναὶ τελευταίου συστήματος κ.τ.λ.

Πωλεῖται προσφόρως. Πληροφορίαι εἰς τὸ γραφεῖον μας.
